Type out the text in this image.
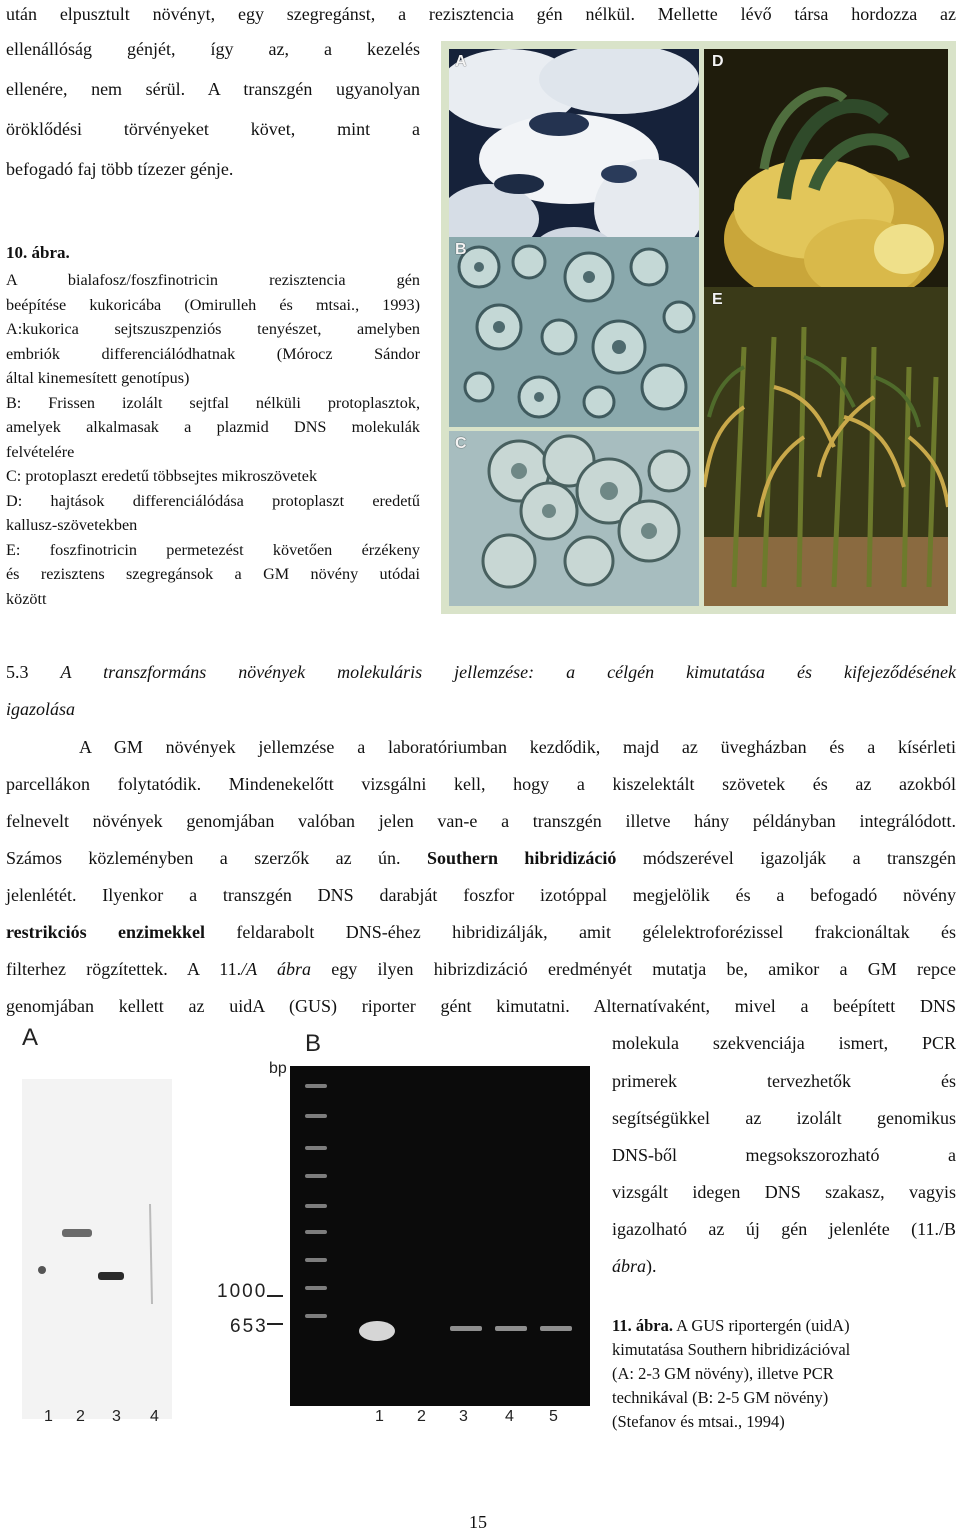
után elpusztult növényt, egy szegregánst, a rezisztencia gén nélkül. Mellette lévő társa hordozza az
ellenállóság génjét, így az, a kezelés
ellenére, nem sérül. A transzgén ugyanolyan
öröklődési törvényeket követ, mint a
befogadó faj több tízezer génje.
10. ábra.
A bialafosz/foszfinotricin rezisztencia gén
beépítése kukoricába (Omirulleh és mtsai., 1993)
A:kukorica sejtszuszpenziós tenyészet, amelyben
embriók differenciálódhatnak (Mórocz Sándor
által kinemesített genotípus)
B: Frissen izolált sejtfal nélküli protoplasztok,
amelyek alkalmasak a plazmid DNS molekulák
felvételére
C: protoplaszt eredetű többsejtes mikroszövetek
D: hajtások differenciálódása protoplaszt eredetű
kallusz-szövetekben
E: foszfinotricin permetezést követően érzékeny
és rezisztens szegregánsok a GM növény utódai
között
A	D
B
C
E
5.3 A transzformáns növények molekuláris jellemzése: a célgén kimutatása és kifejeződésének
igazolása
A GM növények jellemzése a laboratóriumban kezdődik, majd az üvegházban és a kísérleti
parcellákon folytatódik. Mindenekelőtt vizsgálni kell, hogy a kiszelektált szövetek és az azokból
felnevelt növények genomjában valóban jelen van-e a transzgén illetve hány példányban integrálódott.
Számos közleményben a szerzők az ún. Southern hibridizáció módszerével igazolják a transzgén
jelenlétét. Ilyenkor a transzgén DNS darabját foszfor izotóppal megjelölik és a befogadó növény
restrikciós enzimekkel feldarabolt DNS-éhez hibridizálják, amit gélelektroforézissel frakcionáltak és
filterhez rögzítettek. A 11./A ábra egy ilyen hibrizdizáció eredményét mutatja be, amikor a GM repce
genomjában kellett az uidA (GUS) riporter gént kimutatni. Alternatívaként, mivel a beépített DNS
molekula szekvenciája ismert, PCR
primerek tervezhetők és
segítségükkel az izolált genomikus
DNS-ből megsokszorozható a
vizsgált idegen DNS szakasz, vagyis
igazolható az új gén jelenléte (11./B
ábra).
11. ábra. A GUS riportergén (uidA)
kimutatása Southern hibridizációval
(A: 2-3 GM növény), illetve PCR
technikával (B: 2-5 GM növény)
(Stefanov és mtsai., 1994)
A
1 2 3 4
B
bp
1000
653
1 2 3 4 5
15
